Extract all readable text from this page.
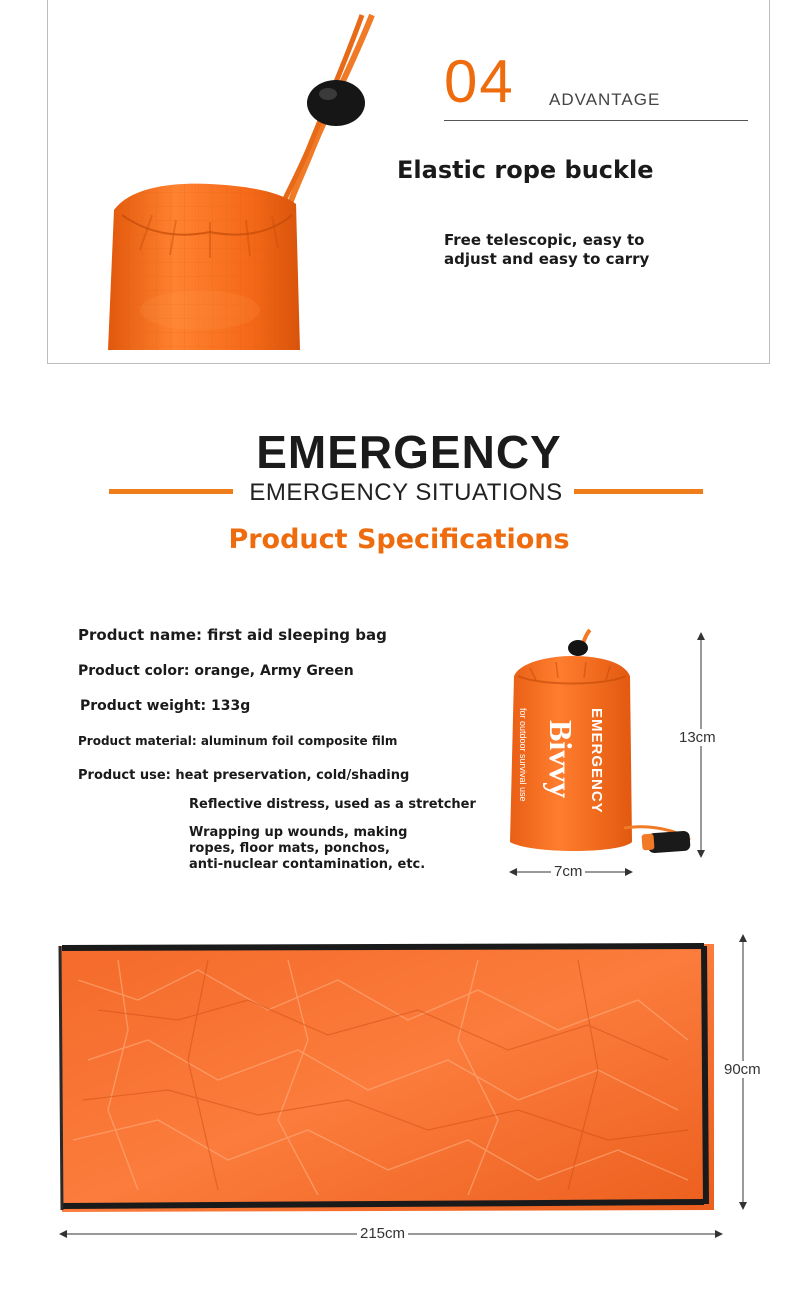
04 ADVANTAGE
Elastic rope buckle
Free telescopic, easy to
adjust and easy to carry
EMERGENCY
EMERGENCY SITUATIONS
Product Specifications
Product name: first aid sleeping bag
Product color: orange, Army Green
Product weight: 133g
Product material: aluminum foil composite film
Product use: heat preservation, cold/shading
Reflective distress, used as a stretcher
Wrapping up wounds, making
ropes, floor mats, ponchos,
anti-nuclear contamination, etc.
EMERGENCY
Bivvy
for outdoor survival use	13cm
7cm
90cm
215cm
